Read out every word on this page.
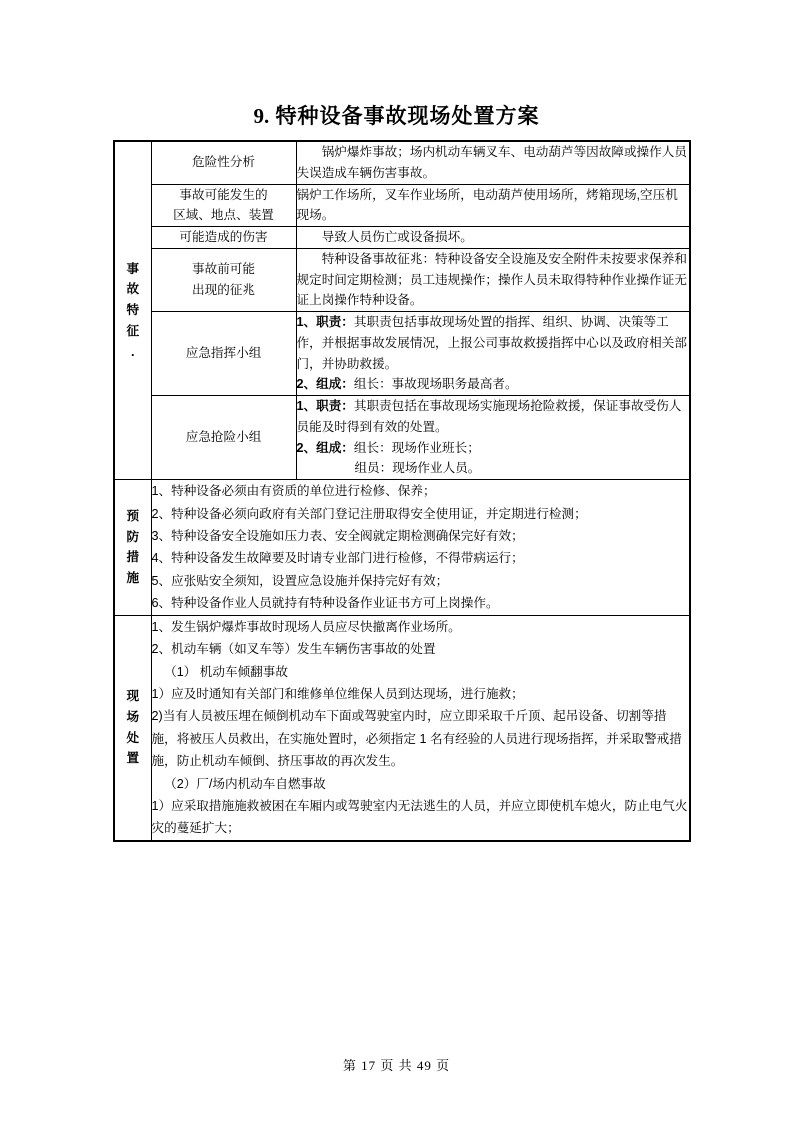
9. 特种设备事故现场处置方案
事
故
特
征
.	危险性分析	锅炉爆炸事故；场内机动车辆叉车、电动葫芦等因故障或操作人员失误造成车辆伤害事故。

	事故可能发生的
区域、地点、装置	锅炉工作场所，叉车作业场所，电动葫芦使用场所，烤箱现场,空压机现场。

	可能造成的伤害	导致人员伤亡或设备损坏。

	事故前可能
出现的征兆	特种设备事故征兆：特种设备安全设施及安全附件未按要求保养和规定时间定期检测；员工违规操作；操作人员未取得特种作业操作证无证上岗操作特种设备。

	应急指挥小组	1、职责：其职责包括事故现场处置的指挥、组织、协调、决策等工作，并根据事故发展情况，上报公司事故救援指挥中心以及政府相关部门，并协助救援。

2、组成：组长：事故现场职务最高者。

	应急抢险小组	1、职责：其职责包括在事故现场实施现场抢险救援，保证事故受伤人员能及时得到有效的处置。

2、组成：组长：现场作业班长；

组员：现场作业人员。

预
防
措
施

1、特种设备必须由有资质的单位进行检修、保养；

2、特种设备必须向政府有关部门登记注册取得安全使用证，并定期进行检测；

3、特种设备安全设施如压力表、安全阀就定期检测确保完好有效；

4、特种设备发生故障要及时请专业部门进行检修，不得带病运行；

5、应张贴安全须知，设置应急设施并保持完好有效；

6、特种设备作业人员就持有特种设备作业证书方可上岗操作。

现
场
处
置

1、发生锅炉爆炸事故时现场人员应尽快撤离作业场所。

2、机动车辆（如叉车等）发生车辆伤害事故的处置

（1） 机动车倾翻事故

1）应及时通知有关部门和维修单位维保人员到达现场，进行施救；

2)当有人员被压埋在倾倒机动车下面或驾驶室内时，应立即采取千斤顶、起吊设备、切割等措施，将被压人员救出，在实施处置时，必须指定 1 名有经验的人员进行现场指挥，并采取警戒措施，防止机动车倾倒、挤压事故的再次发生。

（2）厂/场内机动车自燃事故

1）应采取措施施救被困在车厢内或驾驶室内无法逃生的人员，并应立即使机车熄火，防止电气火灾的蔓延扩大；

第 17 页 共 49 页
